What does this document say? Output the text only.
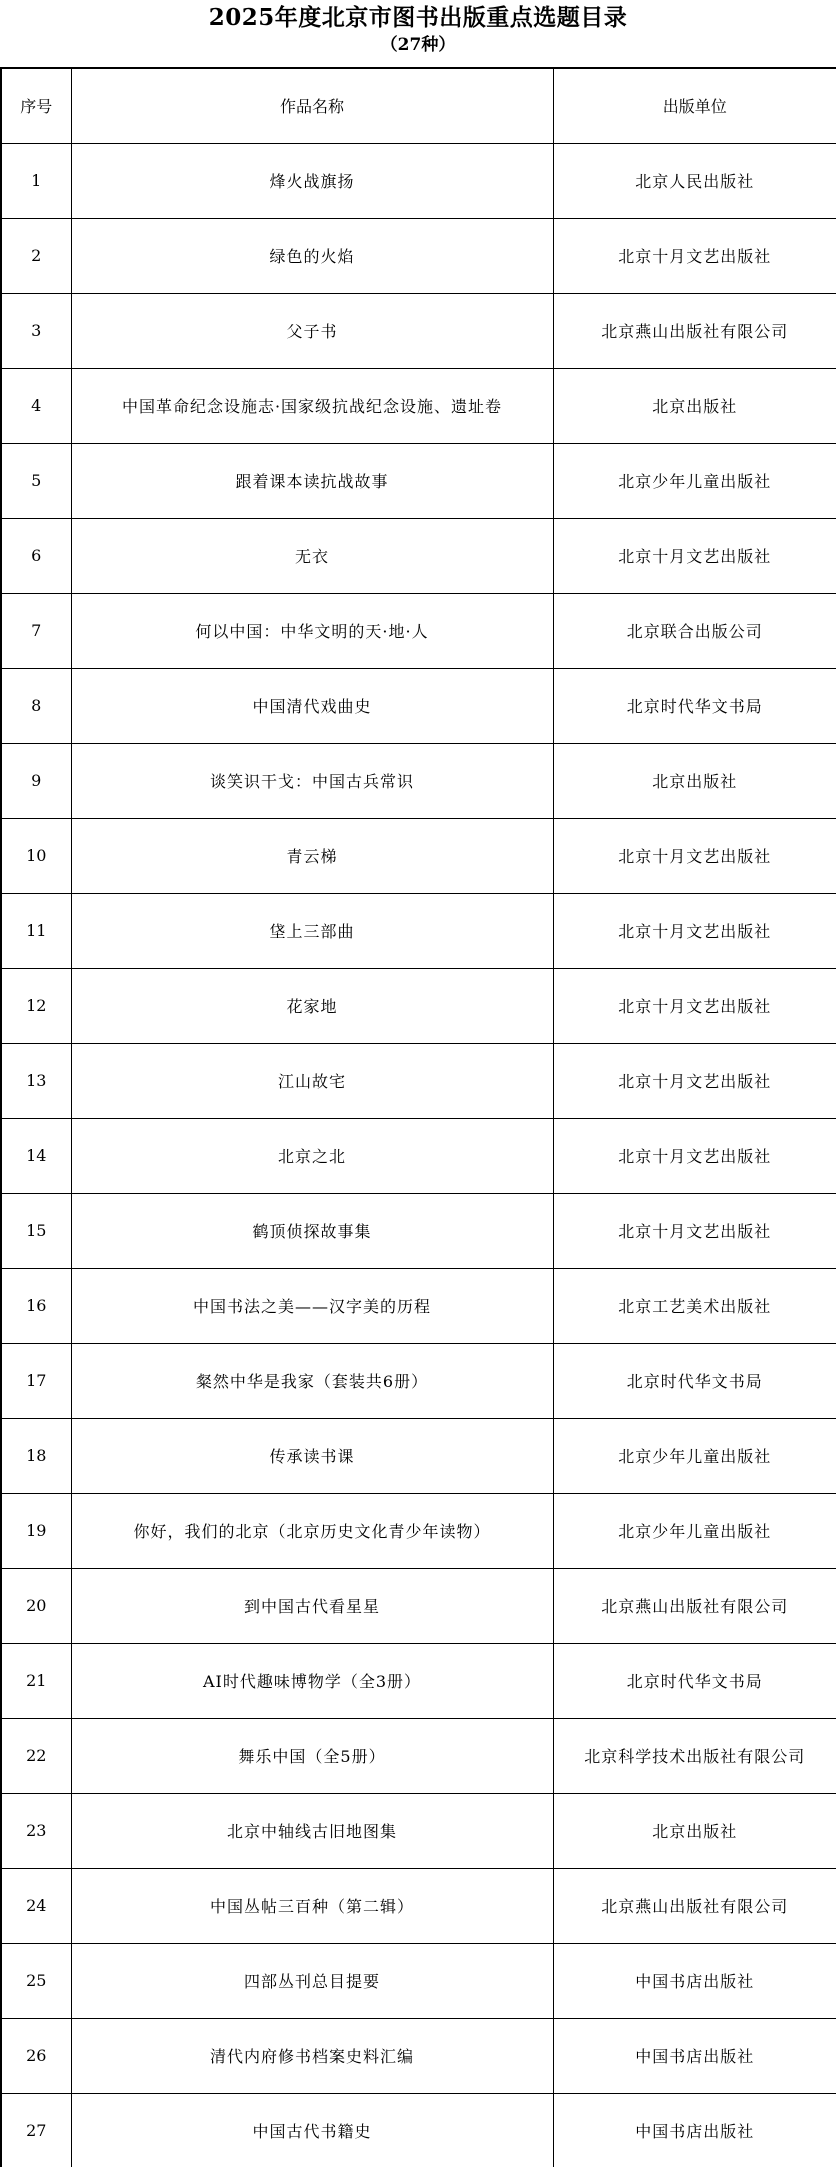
2025年度北京市图书出版重点选题目录
（27种）
序号	作品名称	出版单位
1	烽火战旗扬	北京人民出版社
2	绿色的火焰	北京十月文艺出版社
3	父子书	北京燕山出版社有限公司
4	中国革命纪念设施志·国家级抗战纪念设施、遗址卷	北京出版社
5	跟着课本读抗战故事	北京少年儿童出版社
6	无衣	北京十月文艺出版社
7	何以中国：中华文明的天·地·人	北京联合出版公司
8	中国清代戏曲史	北京时代华文书局
9	谈笑识干戈：中国古兵常识	北京出版社
10	青云梯	北京十月文艺出版社
11	垡上三部曲	北京十月文艺出版社
12	花家地	北京十月文艺出版社
13	江山故宅	北京十月文艺出版社
14	北京之北	北京十月文艺出版社
15	鹤顶侦探故事集	北京十月文艺出版社
16	中国书法之美——汉字美的历程	北京工艺美术出版社
17	粲然中华是我家（套装共6册）	北京时代华文书局
18	传承读书课	北京少年儿童出版社
19	你好，我们的北京（北京历史文化青少年读物）	北京少年儿童出版社
20	到中国古代看星星	北京燕山出版社有限公司
21	AI时代趣味博物学（全3册）	北京时代华文书局
22	舞乐中国（全5册）	北京科学技术出版社有限公司
23	北京中轴线古旧地图集	北京出版社
24	中国丛帖三百种（第二辑）	北京燕山出版社有限公司
25	四部丛刊总目提要	中国书店出版社
26	清代内府修书档案史料汇编	中国书店出版社
27	中国古代书籍史	中国书店出版社
